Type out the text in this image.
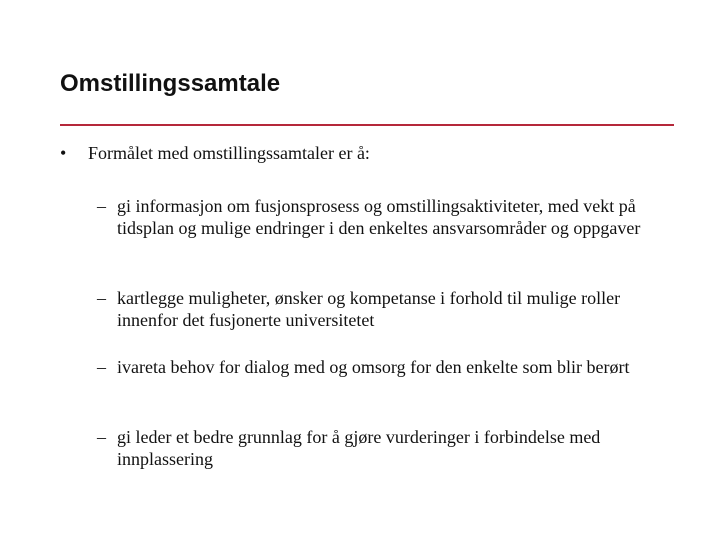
Omstillingssamtale
•	Formålet med omstillingssamtaler er å:
– gi informasjon om fusjonsprosess og omstillingsaktiviteter, med vekt på tidsplan og mulige endringer i den enkeltes ansvarsområder og oppgaver
– kartlegge muligheter, ønsker og kompetanse i forhold til mulige roller innenfor det fusjonerte universitetet
– ivareta behov for dialog med og omsorg for den enkelte som blir berørt
– gi leder et bedre grunnlag for å gjøre vurderinger i forbindelse med innplassering
